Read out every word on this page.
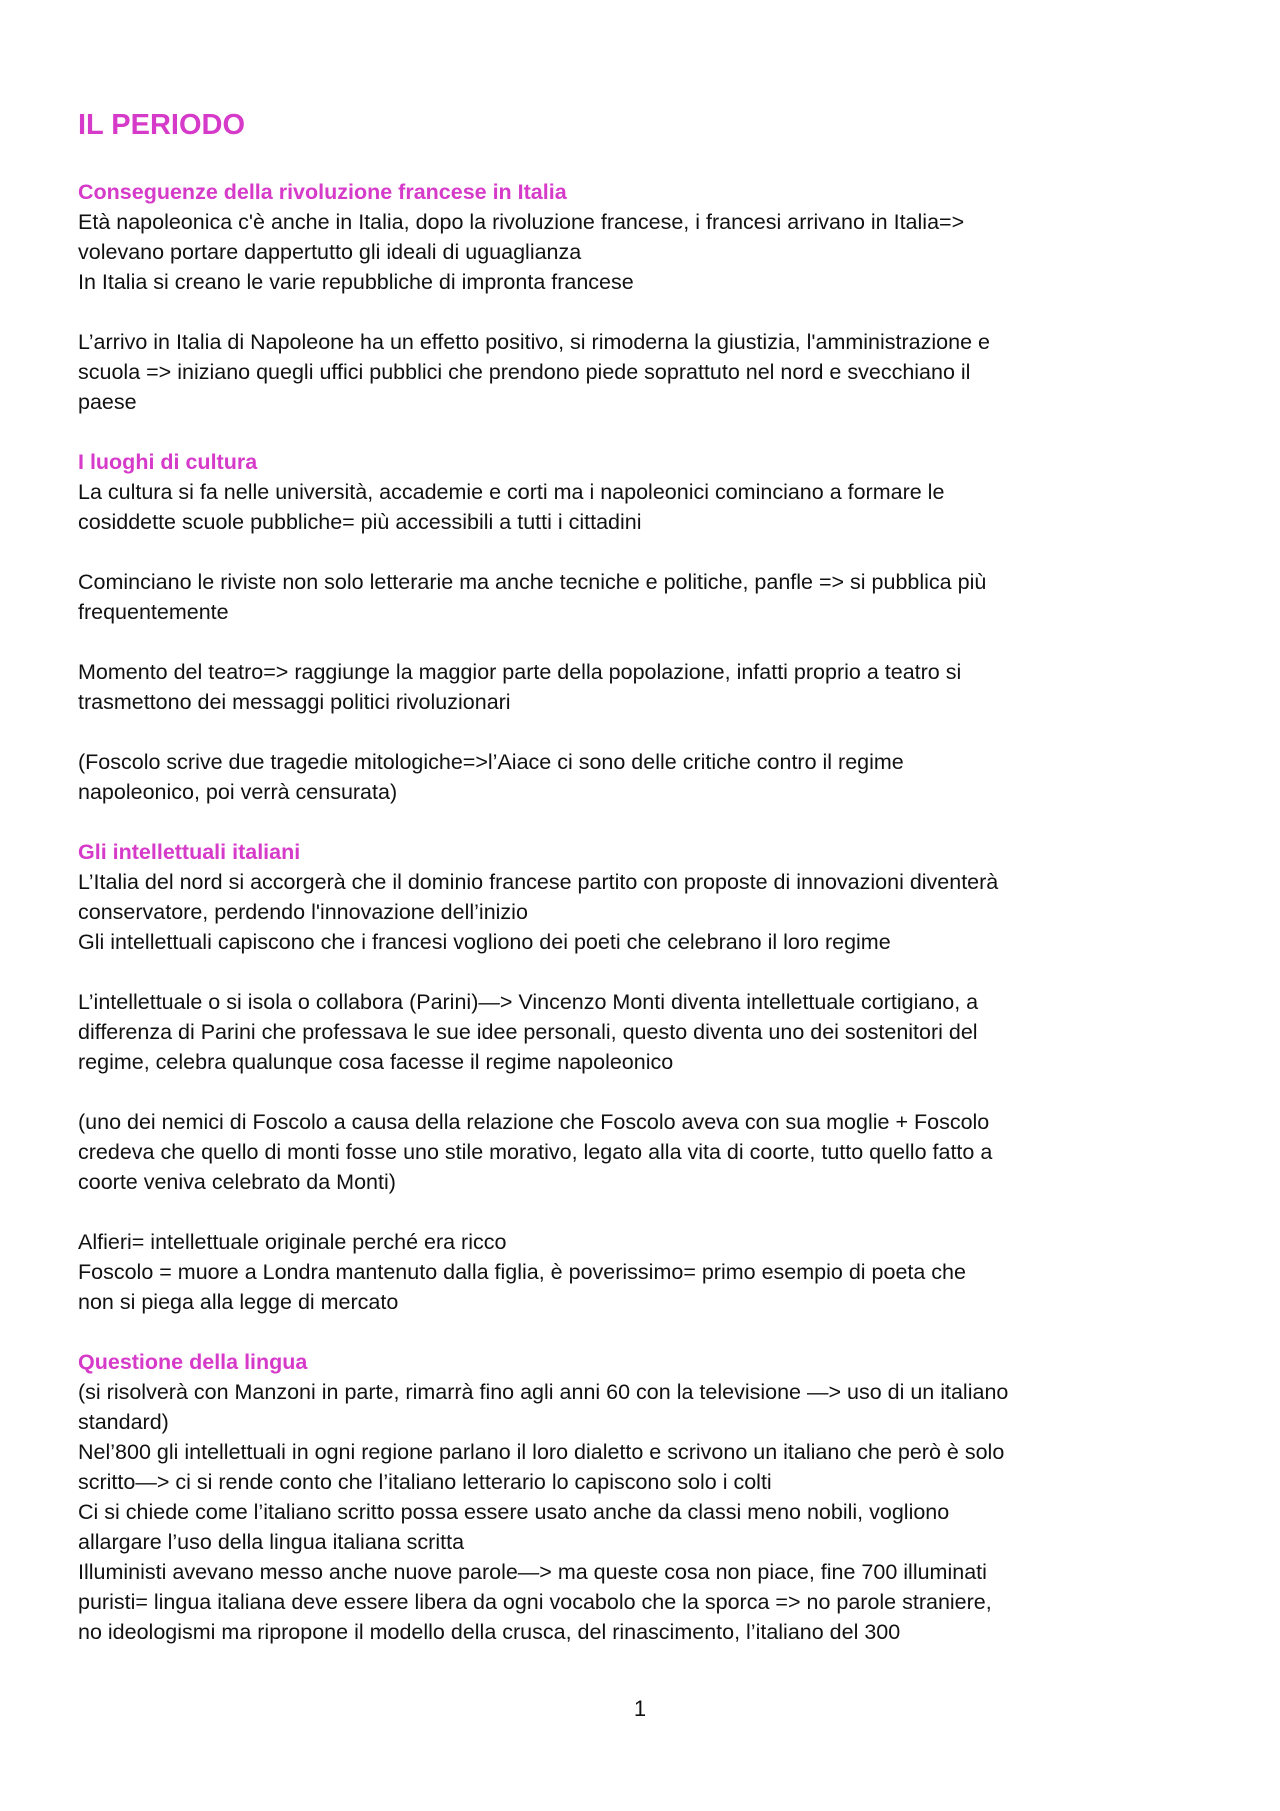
IL PERIODO
Conseguenze della rivoluzione francese in Italia
Età napoleonica c'è anche in Italia, dopo la rivoluzione francese, i francesi arrivano in Italia=>
volevano portare dappertutto gli ideali di uguaglianza
In Italia si creano le varie repubbliche di impronta francese
L’arrivo in Italia di Napoleone ha un effetto positivo, si rimoderna la giustizia, l'amministrazione e
scuola => iniziano quegli uffici pubblici che prendono piede soprattuto nel nord e svecchiano il
paese
I luoghi di cultura
La cultura si fa nelle università, accademie e corti ma i napoleonici cominciano a formare le
cosiddette scuole pubbliche= più accessibili a tutti i cittadini
Cominciano le riviste non solo letterarie ma anche tecniche e politiche, panfle => si pubblica più
frequentemente
Momento del teatro=> raggiunge la maggior parte della popolazione, infatti proprio a teatro si
trasmettono dei messaggi politici rivoluzionari
(Foscolo scrive due tragedie mitologiche=>l’Aiace ci sono delle critiche contro il regime
napoleonico, poi verrà censurata)
Gli intellettuali italiani
L’Italia del nord si accorgerà che il dominio francese partito con proposte di innovazioni diventerà
conservatore, perdendo l'innovazione dell’inizio
Gli intellettuali capiscono che i francesi vogliono dei poeti che celebrano il loro regime
L’intellettuale o si isola o collabora (Parini)—> Vincenzo Monti diventa intellettuale cortigiano, a
differenza di Parini che professava le sue idee personali, questo diventa uno dei sostenitori del
regime, celebra qualunque cosa facesse il regime napoleonico
(uno dei nemici di Foscolo a causa della relazione che Foscolo aveva con sua moglie + Foscolo
credeva che quello di monti fosse uno stile morativo, legato alla vita di coorte, tutto quello fatto a
coorte veniva celebrato da Monti)
Alfieri= intellettuale originale perché era ricco
Foscolo = muore a Londra mantenuto dalla figlia, è poverissimo= primo esempio di poeta che
non si piega alla legge di mercato
Questione della lingua
(si risolverà con Manzoni in parte, rimarrà fino agli anni 60 con la televisione —> uso di un italiano
standard)
Nel’800 gli intellettuali in ogni regione parlano il loro dialetto e scrivono un italiano che però è solo
scritto—> ci si rende conto che l’italiano letterario lo capiscono solo i colti
Ci si chiede come l’italiano scritto possa essere usato anche da classi meno nobili, vogliono
allargare l’uso della lingua italiana scritta
Illuministi avevano messo anche nuove parole—> ma queste cosa non piace, fine 700 illuminati
puristi= lingua italiana deve essere libera da ogni vocabolo che la sporca => no parole straniere,
no ideologismi ma ripropone il modello della crusca, del rinascimento, l’italiano del 300
1
